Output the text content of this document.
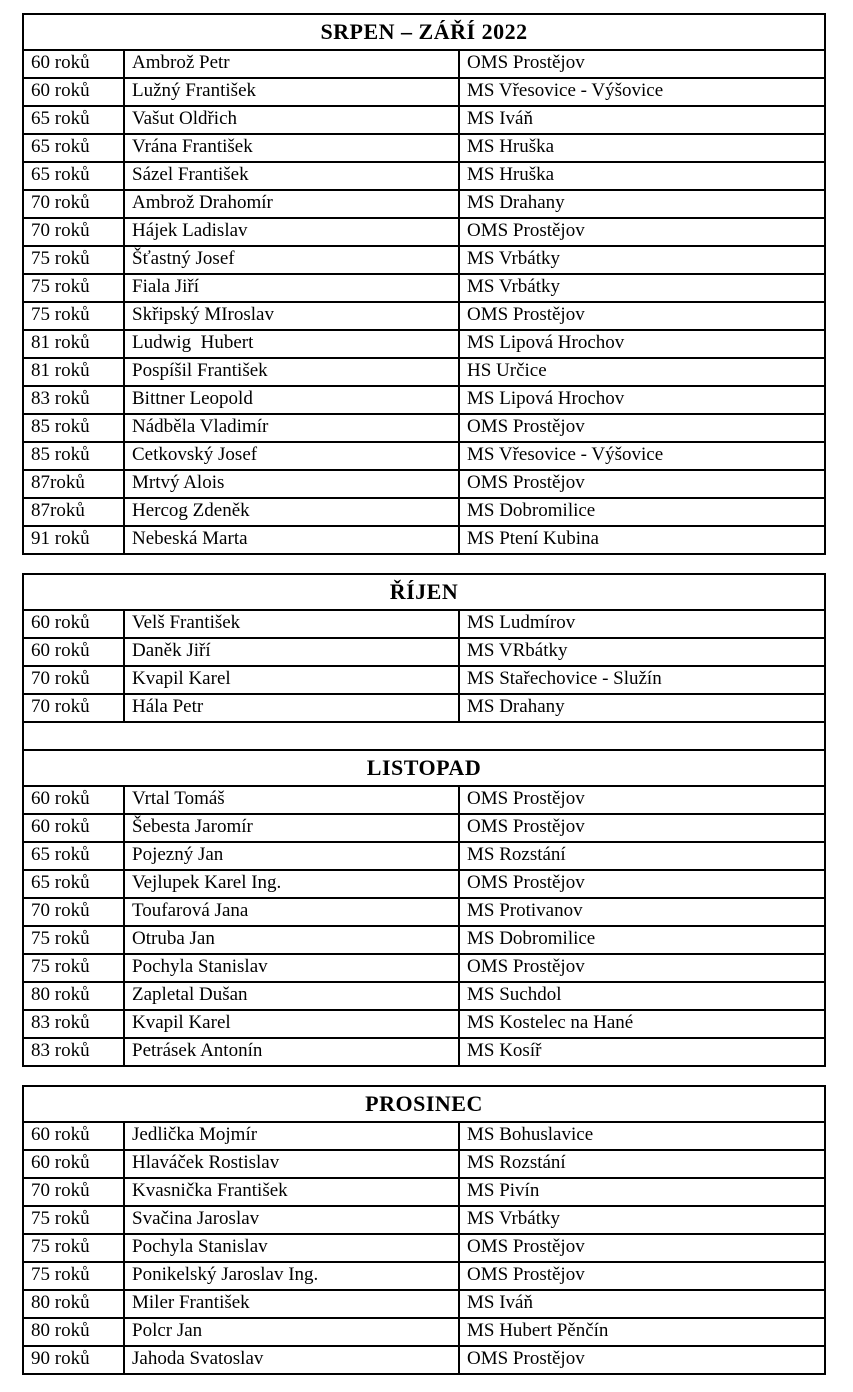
SRPEN – ZÁŘÍ 2022		
60 roků	Ambrož Petr	OMS Prostějov
60 roků	Lužný František	MS Vřesovice - Výšovice
65 roků	Vašut Oldřich	MS Iváň
65 roků	Vrána František	MS Hruška
65 roků	Sázel František	MS Hruška
70 roků	Ambrož Drahomír	MS Drahany
70 roků	Hájek Ladislav	OMS Prostějov
75 roků	Šťastný Josef	MS Vrbátky
75 roků	Fiala Jiří	MS Vrbátky
75 roků	Skřipský MIroslav	OMS Prostějov
81 roků	Ludwig  Hubert	MS Lipová Hrochov
81 roků	Pospíšil František	HS Určice
83 roků	Bittner Leopold	MS Lipová Hrochov
85 roků	Nádběla Vladimír	OMS Prostějov
85 roků	Cetkovský Josef	MS Vřesovice - Výšovice
87roků	Mrtvý Alois	OMS Prostějov
87roků	Hercog Zdeněk	MS Dobromilice
91 roků	Nebeská Marta	MS Ptení Kubina
ŘÍJEN		
60 roků	Velš František	MS Ludmírov
60 roků	Daněk Jiří	MS VRbátky
70 roků	Kvapil Karel	MS Stařechovice - Služín
70 roků	Hála Petr	MS Drahany

LISTOPAD		
60 roků	Vrtal Tomáš	OMS Prostějov
60 roků	Šebesta Jaromír	OMS Prostějov
65 roků	Pojezný Jan	MS Rozstání
65 roků	Vejlupek Karel Ing.	OMS Prostějov
70 roků	Toufarová Jana	MS Protivanov
75 roků	Otruba Jan	MS Dobromilice
75 roků	Pochyla Stanislav	OMS Prostějov
80 roků	Zapletal Dušan	MS Suchdol
83 roků	Kvapil Karel	MS Kostelec na Hané
83 roků	Petrásek Antonín	MS Kosíř
PROSINEC		
60 roků	Jedlička Mojmír	MS Bohuslavice
60 roků	Hlaváček Rostislav	MS Rozstání
70 roků	Kvasnička František	MS Pivín
75 roků	Svačina Jaroslav	MS Vrbátky
75 roků	Pochyla Stanislav	OMS Prostějov
75 roků	Ponikelský Jaroslav Ing.	OMS Prostějov
80 roků	Miler František	MS Iváň
80 roků	Polcr Jan	MS Hubert Pěnčín
90 roků	Jahoda Svatoslav	OMS Prostějov
